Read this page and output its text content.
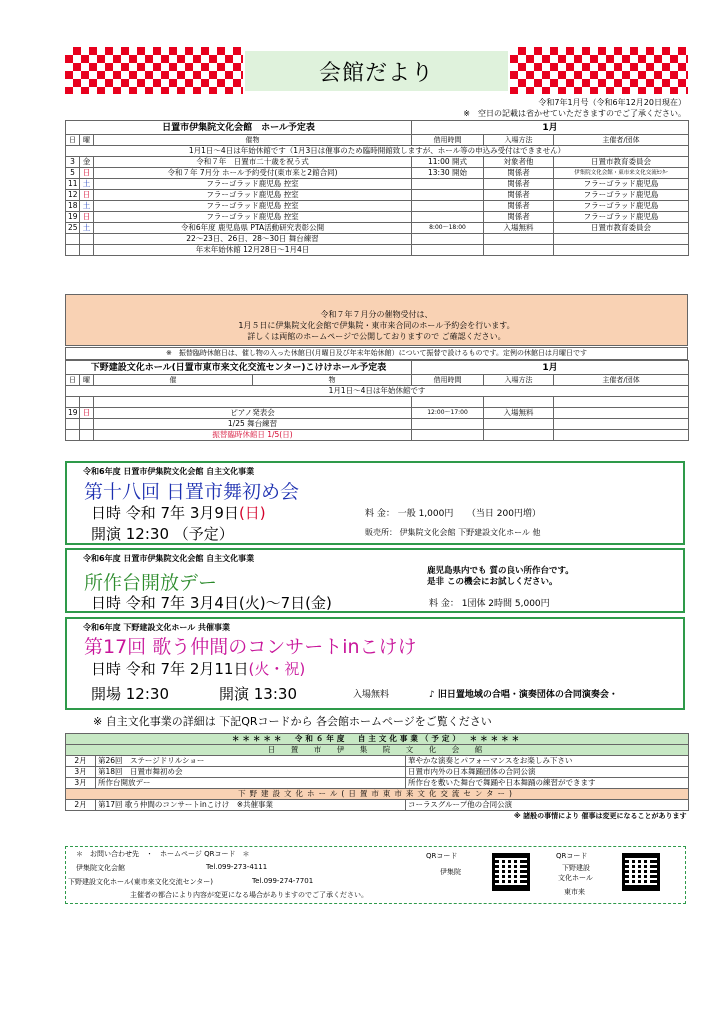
会館だより
令和7年1月号（令和6年12月20日現在）
※　空日の記載は省かせていただきますのでご了承ください。
日置市伊集院文化会館　ホール予定表			1月		
日	曜	催物	借用時間	入場方法	主催者/団体
1月1日～4日は年始休館です（1月3日は催事のため臨時開館致しますが、ホール等の申込み受付はできません）					
3	金	令和７年　日置市二十歳を祝う式	11:00 開式	対象者他	日置市教育委員会
5	日	令和７年 7月分 ホール予約受付(東市来と2館合同)	13:30 開始	関係者	伊集院文化会館・東市来文化交流ｾﾝﾀｰ
11	土	フラーゴラッド鹿児島 控室		関係者	フラーゴラッド鹿児島
12	日	フラーゴラッド鹿児島 控室		関係者	フラーゴラッド鹿児島
18	土	フラーゴラッド鹿児島 控室		関係者	フラーゴラッド鹿児島
19	日	フラーゴラッド鹿児島 控室		関係者	フラーゴラッド鹿児島
25	土	令和6年度 鹿児島県 PTA活動研究表彰公開	8:00～18:00	入場無料	日置市教育委員会
		22～23日、26日、28～30日 舞台練習			
		年末年始休館 12月28日～1月4日			
令和７年７月分の催物受付は、
1月５日に伊集院文化会館で伊集院・東市来合同のホール予約会を行います。
詳しくは両館のホームページで公開しておりますので ご確認ください。
※　振替臨時休館日は、催し物の入った休館日(月曜日及び年末年始休館）について振替で設けるものです。定例の休館日は月曜日です
下野建設文化ホール(日置市東市来文化交流センター)こけけホール予定表				1月		
日	曜	催	物	借用時間	入場方法	主催者/団体
1月1日～4日は年始休館です						

19	日	ピアノ発表会		12:00～17:00	入場無料	
		1/25 舞台練習				
		振替臨時休館日 1/5(日)				
令和6年度 日置市伊集院文化会館 自主文化事業
第十八回 日置市舞初め会
日時 令和 7年 3月9日(日)
開演 12:30 （予定）
料 金： 一般 1,000円　　 （当日 200円増）
販売所： 伊集院文化会館 下野建設文化ホール 他
令和6年度 日置市伊集院文化会館 自主文化事業
所作台開放デー
鹿児島県内でも 質の良い所作台です。
是非 この機会にお試しください。
日時 令和 7年 3月4日(火)～7日(金)	料 金： 1団体 2時間 5,000円
令和6年度 下野建設文化ホール 共催事業
第17回 歌う仲間のコンサートinこけけ
日時 令和 7年 2月11日(火・祝)
開場 12:30	開演 13:30	入場無料	♪ 旧日置地域の合唱・演奏団体の合同演奏会・
※ 自主文化事業の詳細は 下記QRコードから 各会館ホームページをご覧ください
＊＊＊＊＊　令和６年度　自主文化事業（予定）　＊＊＊＊＊		
日　置　市　伊　集　院　文　化　会　館		
2月	第26回　ステージドリルショー	華やかな演奏とパフォーマンスをお楽しみ下さい
3月	第18回　日置市舞初め会	日置市内外の日本舞踊団体の合同公演
3月	所作台開放デー	所作台を敷いた舞台で舞踊や日本舞踊の練習ができます
下野建設文化ホール(日置市東市来文化交流センター)		
2月	第17回 歌う仲間のコンサートinこけけ　※共催事業	コーラスグループ他の合同公演
※ 諸般の事情により 催事は変更になることがあります		
＊　お問い合わせ先　・　ホームページ QRコード　＊
伊集院文化会館	Tel.099-273-4111
下野建設文化ホール(東市来文化交流センター)	Tel.099-274-7701
主催者の都合により内容が変更になる場合がありますのでご了承ください。
QRコード
伊集院
QRコード
下野建設
文化ホール
東市来
